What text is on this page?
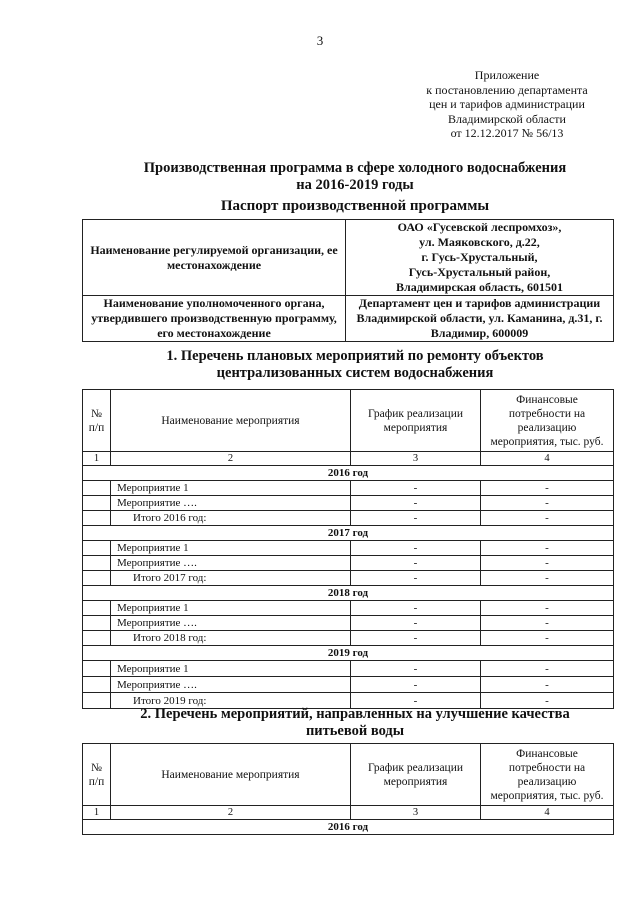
3
Приложение
к постановлению департамента
цен и тарифов администрации
Владимирской области
от 12.12.2017 № 56/13
Производственная программа в сфере холодного водоснабжения
на 2016-2019 годы
Паспорт производственной программы
Наименование регулируемой организации, ее местонахождение	ОАО «Гусевской леспромхоз»,
ул. Маяковского, д.22,
г. Гусь-Хрустальный,
Гусь-Хрустальный район,
Владимирская область, 601501

Наименование уполномоченного органа, утвердившего производственную программу, его местонахождение	Департамент цен и тарифов администрации Владимирской области, ул. Каманина, д.31, г. Владимир, 600009
1. Перечень плановых мероприятий по ремонту объектов
централизованных систем водоснабжения
№ п/п	Наименование мероприятия	График реализации мероприятия	Финансовые потребности на реализацию мероприятия, тыс. руб.
1	2	3	4
2016 год			
	Мероприятие 1	-	-
	Мероприятие ….	-	-
	Итого 2016 год:	-	-
2017 год			
	Мероприятие 1	-	-
	Мероприятие ….	-	-
	Итого 2017 год:	-	-
2018 год			
	Мероприятие 1	-	-
	Мероприятие ….	-	-
	Итого 2018 год:	-	-
2019 год			
	Мероприятие 1	-	-
	Мероприятие ….	-	-
	Итого 2019 год:	-	-
2. Перечень мероприятий, направленных на улучшение качества
питьевой воды
№ п/п	Наименование мероприятия	График реализации мероприятия	Финансовые потребности на реализацию мероприятия, тыс. руб.
1	2	3	4
2016 год			
